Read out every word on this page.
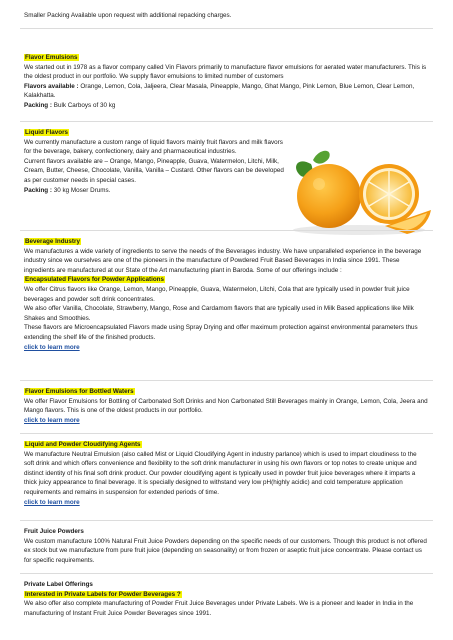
Smaller Packing Available upon request with additional repacking charges.
Flavor Emulsions
We started out in 1978 as a flavor company called Vin Flavors primarily to manufacture flavor emulsions for aerated water manufacturers. This is the oldest product in our portfolio. We supply flavor emulsions to limited number of customers
Flavors available : Orange, Lemon, Cola, Jaljeera, Clear Masala, Pineapple, Mango, Ghat Mango, Pink Lemon, Blue Lemon, Clear Lemon, Kalakhatta.
Packing : Bulk Carboys of 30 kg
Liquid Flavors
We currently manufacture a custom range of liquid flavors mainly fruit flavors and milk flavors for the beverage, bakery, confectionery, dairy and pharmaceutical industries.
Current flavors available are – Orange, Mango, Pineapple, Guava, Watermelon, Litchi, Milk, Cream, Butter, Cheese, Chocolate, Vanilla, Vanilla – Custard. Other flavors can be developed as per customer needs in special cases.
Packing : 30 kg Moser Drums.
Beverage Industry
We manufactures a wide variety of ingredients to serve the needs of the Beverages industry. We have unparalleled experience in the beverage industry since we ourselves are one of the pioneers in the manufacture of Powdered Fruit Based Beverages in India since 1991. These ingredients are manufactured at our State of the Art manufacturing plant in Baroda. Some of our offerings include :
Encapsulated Flavors for Powder Applications
We offer Citrus flavors like Orange, Lemon, Mango, Pineapple, Guava, Watermelon, Litchi, Cola that are typically used in powder fruit juice beverages and powder soft drink concentrates.
We also offer Vanilla, Chocolate, Strawberry, Mango, Rose and Cardamom flavors that are typically used in Milk Based applications like Milk Shakes and Smoothies.
These flavors are Microencapsulated Flavors made using Spray Drying and offer maximum protection against environmental parameters thus extending the shelf life of the finished products.
click to learn more
Flavor Emulsions for Bottled Waters
We offer Flavor Emulsions for Bottling of Carbonated Soft Drinks and Non Carbonated Still Beverages mainly in Orange, Lemon, Cola, Jeera and Mango flavors. This is one of the oldest products in our portfolio.
click to learn more
Liquid and Powder Cloudifying Agents
We manufacture Neutral Emulsion (also called Mist or Liquid Cloudifying Agent in industry parlance) which is used to impart cloudiness to the soft drink and which offers convenience and flexibility to the soft drink manufacturer in using his own flavors or top notes to create unique and distinct identity of his final soft drink product. Our powder cloudifying agent is typically used in powder fruit juice beverages where it imparts a thick juicy appearance to final beverage. It is specially designed to withstand very low pH(highly acidic) and cold temperature application requirements and remains in suspension for extended periods of time.
click to learn more
Fruit Juice Powders
We custom manufacture 100% Natural Fruit Juice Powders depending on the specific needs of our customers. Though this product is not offered ex stock but we manufacture from pure fruit juice (depending on seasonality) or from frozen or aseptic fruit juice concentrate. Please contact us for specific requirements.
Private Label Offerings
Interested in Private Labels for Powder Beverages ?
We also offer also complete manufacturing of Powder Fruit Juice Beverages under Private Labels. We is a pioneer and leader in India in the manufacturing of Instant Fruit Juice Powder Beverages since 1991.
